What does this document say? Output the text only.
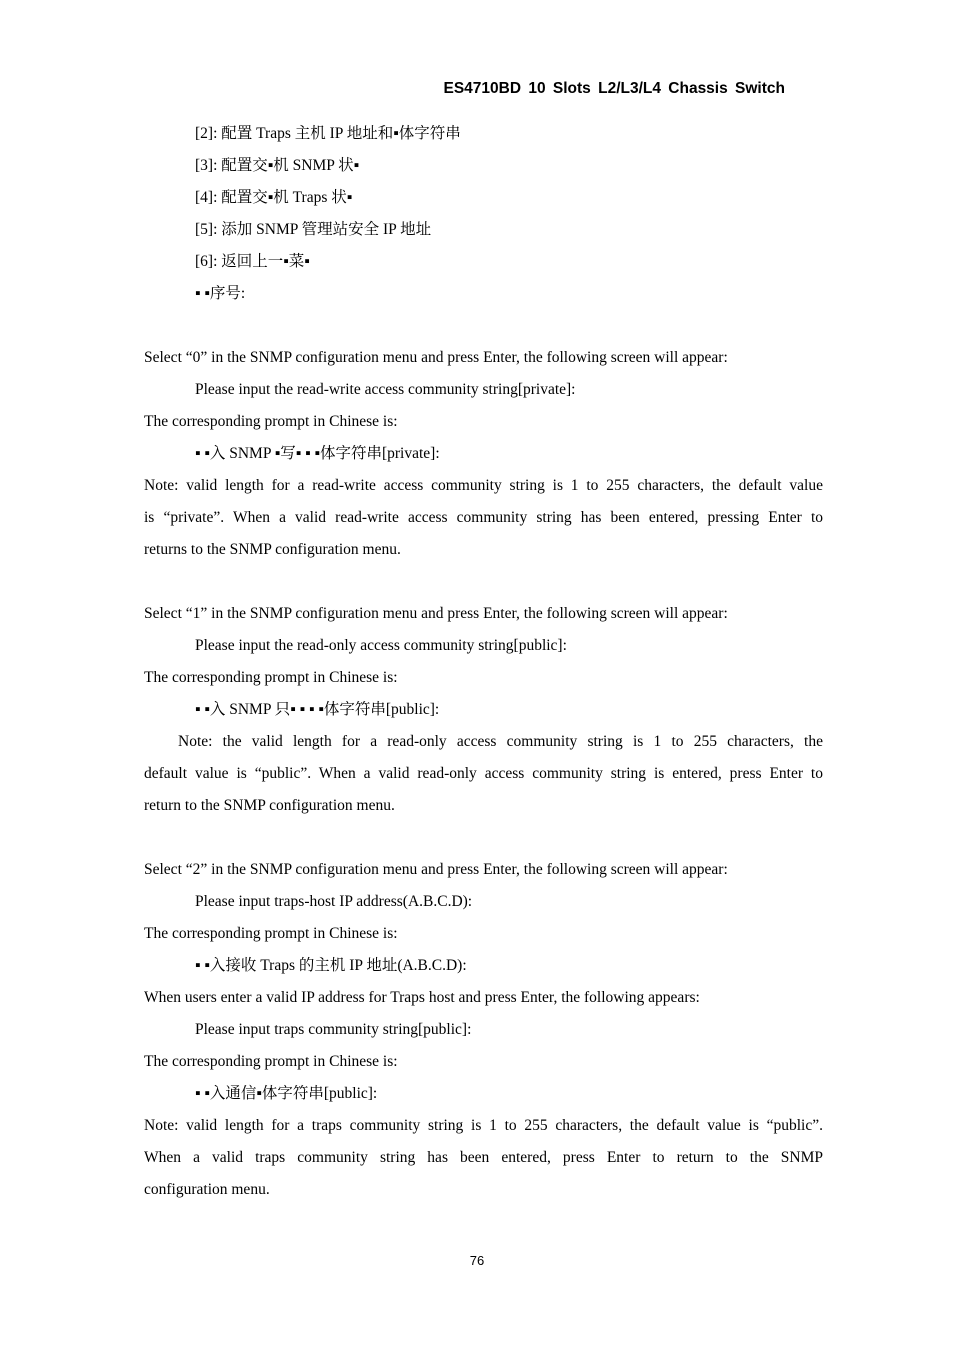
ES4710BD 10 Slots L2/L3/L4 Chassis Switch
[2]: 配置 Traps 主机 IP 地址和▪体字符串
[3]: 配置交▪机 SNMP 状▪
[4]: 配置交▪机 Traps 状▪
[5]: 添加 SNMP 管理站安全 IP 地址
[6]: 返回上一▪菜▪
▪ ▪序号:
Select “0” in the SNMP configuration menu and press Enter, the following screen will appear:
Please input the read-write access community string[private]:
The corresponding prompt in Chinese is:
▪ ▪入 SNMP ▪写▪ ▪ ▪体字符串[private]:
Note: valid length for a read-write access community string is 1 to 255 characters, the default value
is “private”. When a valid read-write access community string has been entered, pressing Enter to
returns to the SNMP configuration menu.
Select “1” in the SNMP configuration menu and press Enter, the following screen will appear:
Please input the read-only access community string[public]:
The corresponding prompt in Chinese is:
▪ ▪入 SNMP 只▪ ▪ ▪ ▪体字符串[public]:
Note: the valid length for a read-only access community string is 1 to 255 characters, the
default value is “public”. When a valid read-only access community string is entered, press Enter to
return to the SNMP configuration menu.
Select “2” in the SNMP configuration menu and press Enter, the following screen will appear:
Please input traps-host IP address(A.B.C.D):
The corresponding prompt in Chinese is:
▪ ▪入接收 Traps 的主机 IP 地址(A.B.C.D):
When users enter a valid IP address for Traps host and press Enter, the following appears:
Please input traps community string[public]:
The corresponding prompt in Chinese is:
▪ ▪入通信▪体字符串[public]:
Note: valid length for a traps community string is 1 to 255 characters, the default value is “public”.
When a valid traps community string has been entered, press Enter to return to the SNMP
configuration menu.
76
